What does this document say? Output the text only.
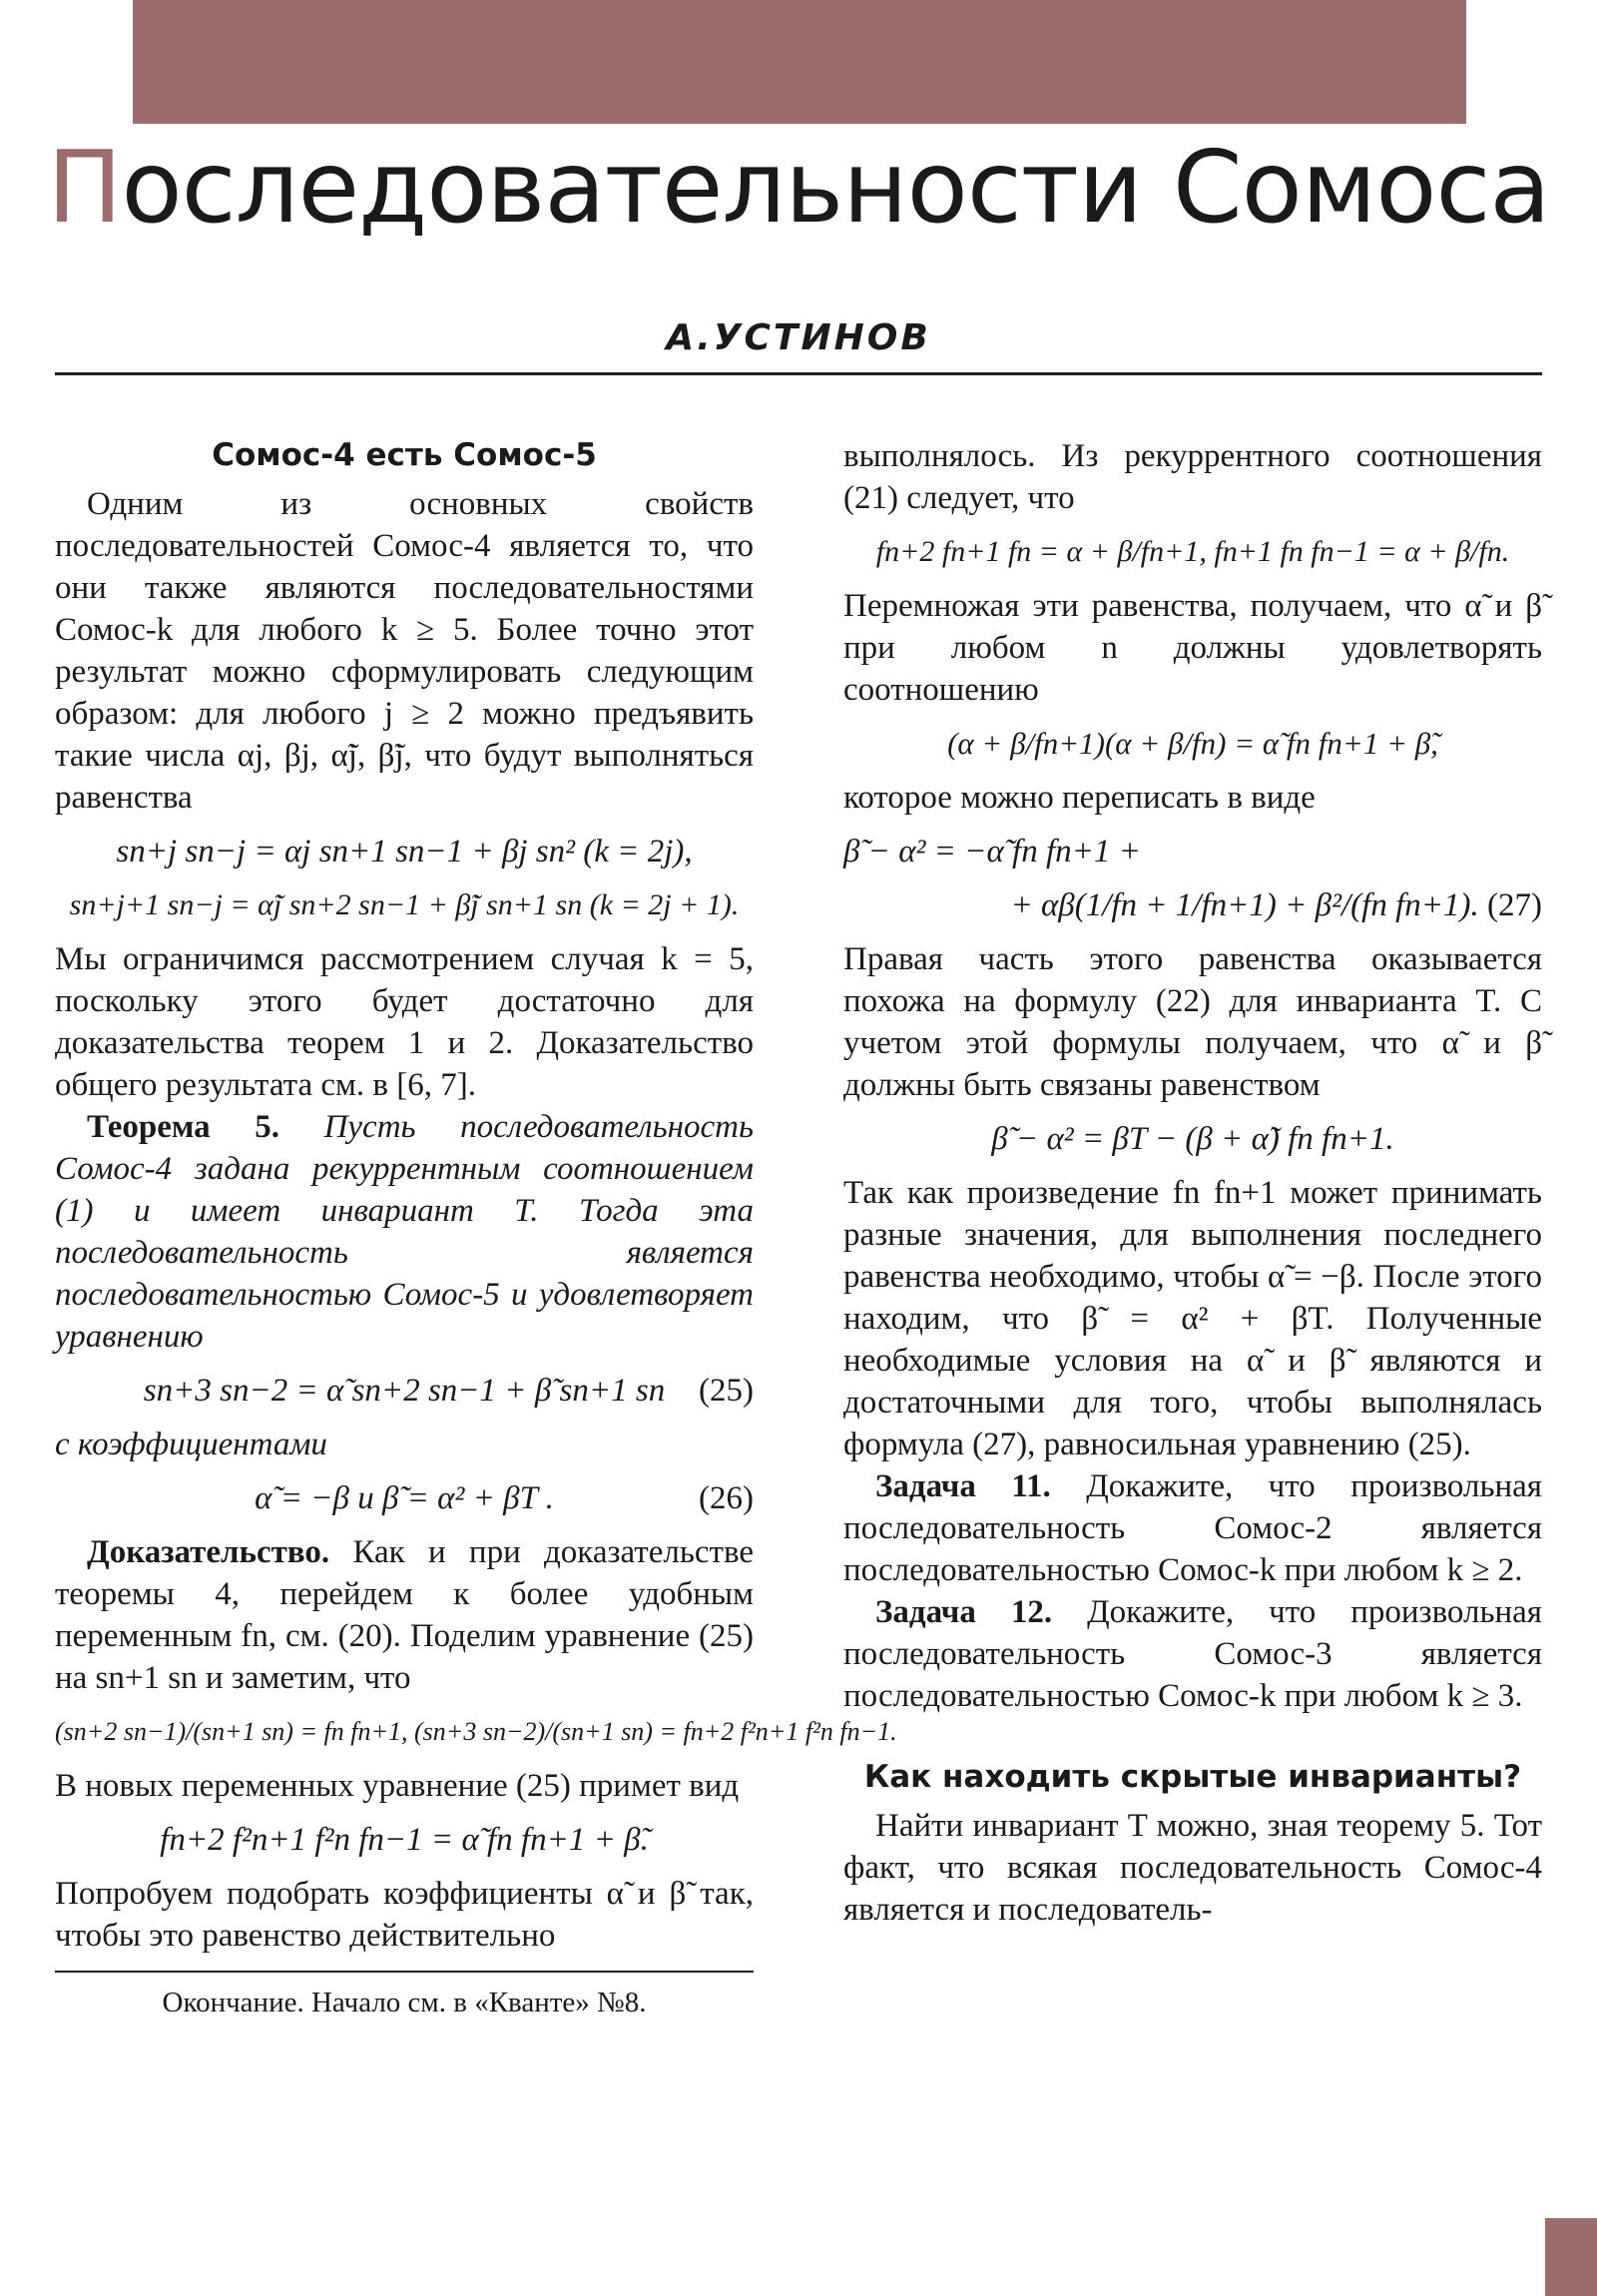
Последовательности Сомоса
А.УСТИНОВ
Сомос-4 есть Сомос-5

Одним из основных свойств последовательностей Сомос-4 является то, что они также являются последовательностями Сомос-k для любого k ≥ 5. Более точно этот результат можно сформулировать следующим образом: для любого j ≥ 2 можно предъявить такие числа αj, βj, α̃j, β̃j, что будут выполняться равенства

sn+j sn−j = αj sn+1 sn−1 + βj sn² (k = 2j),
sn+j+1 sn−j = α̃j sn+2 sn−1 + β̃j sn+1 sn (k = 2j + 1).

Мы ограничимся рассмотрением случая k = 5, поскольку этого будет достаточно для доказательства теорем 1 и 2. Доказательство общего результата см. в [6, 7].

Теорема 5. Пусть последовательность Сомос-4 задана рекуррентным соотношением (1) и имеет инвариант T. Тогда эта последовательность является последовательностью Сомос-5 и удовлетворяет уравнению

sn+3 sn−2 = α̃ sn+2 sn−1 + β̃ sn+1 sn (25)

с коэффициентами

α̃ = −β и β̃ = α² + βT .	(26)

Доказательство. Как и при доказательстве теоремы 4, перейдем к более удобным переменным fn, см. (20). Поделим уравнение (25) на sn+1 sn и заметим, что

(sn+2 sn−1)/(sn+1 sn) = fn fn+1, (sn+3 sn−2)/(sn+1 sn) = fn+2 f²n+1 f²n fn−1.

В новых переменных уравнение (25) примет вид

fn+2 f²n+1 f²n fn−1 = α̃ fn fn+1 + β̃.

Попробуем подобрать коэффициенты α̃ и β̃ так, чтобы это равенство действительно

Окончание. Начало см. в «Кванте» №8.

выполнялось. Из рекуррентного соотношения (21) следует, что

fn+2 fn+1 fn = α + β/fn+1, fn+1 fn fn−1 = α + β/fn.

Перемножая эти равенства, получаем, что α̃ и β̃ при любом n должны удовлетворять соотношению

(α + β/fn+1)(α + β/fn) = α̃ fn fn+1 + β̃,

которое можно переписать в виде

β̃ − α² = −α̃ fn fn+1 +
+ αβ(1/fn + 1/fn+1) + β²/(fn fn+1). (27)

Правая часть этого равенства оказывается похожа на формулу (22) для инварианта T. С учетом этой формулы получаем, что α̃ и β̃ должны быть связаны равенством

β̃ − α² = βT − (β + α̃) fn fn+1.

Так как произведение fn fn+1 может принимать разные значения, для выполнения последнего равенства необходимо, чтобы α̃ = −β. После этого находим, что β̃ = α² + βT. Полученные необходимые условия на α̃ и β̃ являются и достаточными для того, чтобы выполнялась формула (27), равносильная уравнению (25).

Задача 11. Докажите, что произвольная последовательность Сомос-2 является последовательностью Сомос-k при любом k ≥ 2.

Задача 12. Докажите, что произвольная последовательность Сомос-3 является последовательностью Сомос-k при любом k ≥ 3.

Как находить скрытые инварианты?

Найти инвариант T можно, зная теорему 5. Тот факт, что всякая последовательность Сомос-4 является и последователь-
